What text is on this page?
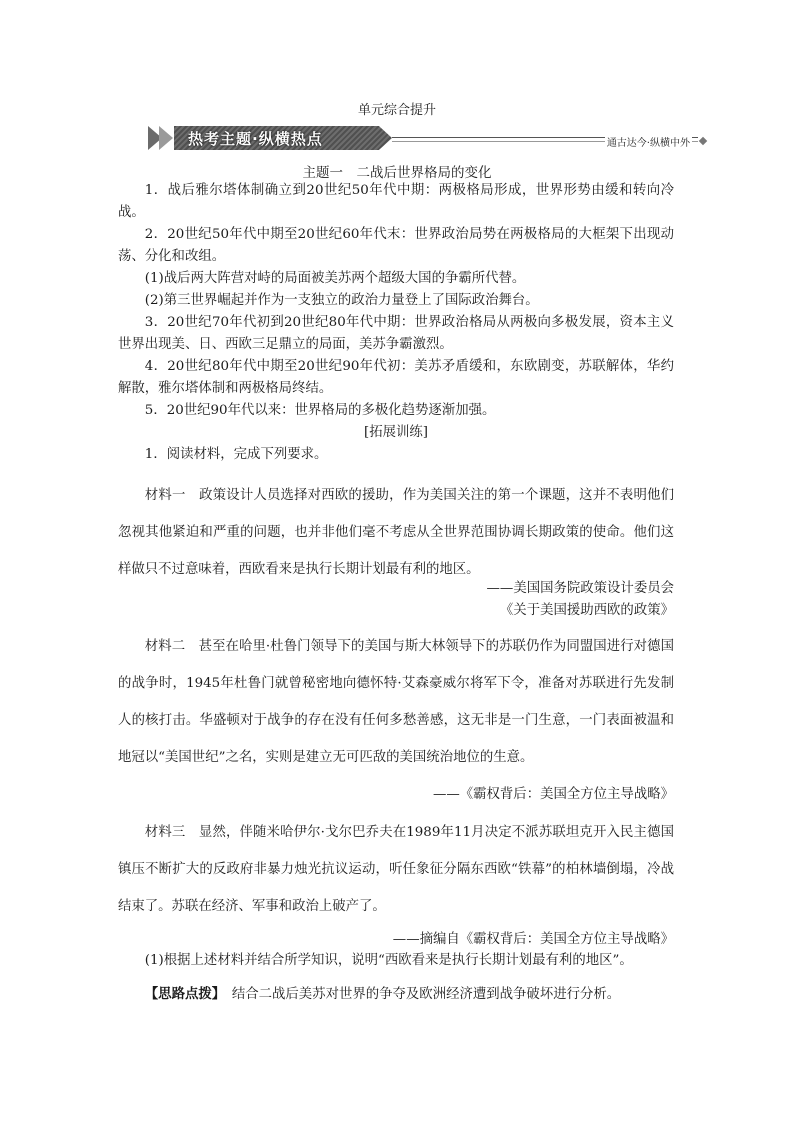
单元综合提升
热考主题·纵横热点	通古达今·纵横中外
主题一　二战后世界格局的变化

1．战后雅尔塔体制确立到20世纪50年代中期：两极格局形成，世界形势由缓和转向冷战。

2．20世纪50年代中期至20世纪60年代末：世界政治局势在两极格局的大框架下出现动荡、分化和改组。

(1)战后两大阵营对峙的局面被美苏两个超级大国的争霸所代替。

(2)第三世界崛起并作为一支独立的政治力量登上了国际政治舞台。

3．20世纪70年代初到20世纪80年代中期：世界政治格局从两极向多极发展，资本主义世界出现美、日、西欧三足鼎立的局面，美苏争霸激烈。

4．20世纪80年代中期至20世纪90年代初：美苏矛盾缓和，东欧剧变，苏联解体，华约解散，雅尔塔体制和两极格局终结。

5．20世纪90年代以来：世界格局的多极化趋势逐渐加强。

[拓展训练]

1．阅读材料，完成下列要求。

材料一　政策设计人员选择对西欧的援助，作为美国关注的第一个课题，这并不表明他们忽视其他紧迫和严重的问题，也并非他们毫不考虑从全世界范围协调长期政策的使命。他们这样做只不过意味着，西欧看来是执行长期计划最有利的地区。

——美国国务院政策设计委员会

《关于美国援助西欧的政策》

材料二　甚至在哈里·杜鲁门领导下的美国与斯大林领导下的苏联仍作为同盟国进行对德国的战争时，1945年杜鲁门就曾秘密地向德怀特·艾森豪威尔将军下令，准备对苏联进行先发制人的核打击。华盛顿对于战争的存在没有任何多愁善感，这无非是一门生意，一门表面被温和地冠以“美国世纪”之名，实则是建立无可匹敌的美国统治地位的生意。

——《霸权背后：美国全方位主导战略》

材料三　显然，伴随米哈伊尔·戈尔巴乔夫在1989年11月决定不派苏联坦克开入民主德国镇压不断扩大的反政府非暴力烛光抗议运动，听任象征分隔东西欧“铁幕”的柏林墙倒塌，冷战结束了。苏联在经济、军事和政治上破产了。

——摘编自《霸权背后：美国全方位主导战略》

(1)根据上述材料并结合所学知识，说明“西欧看来是执行长期计划最有利的地区”。

【思路点拨】　结合二战后美苏对世界的争夺及欧洲经济遭到战争破坏进行分析。
